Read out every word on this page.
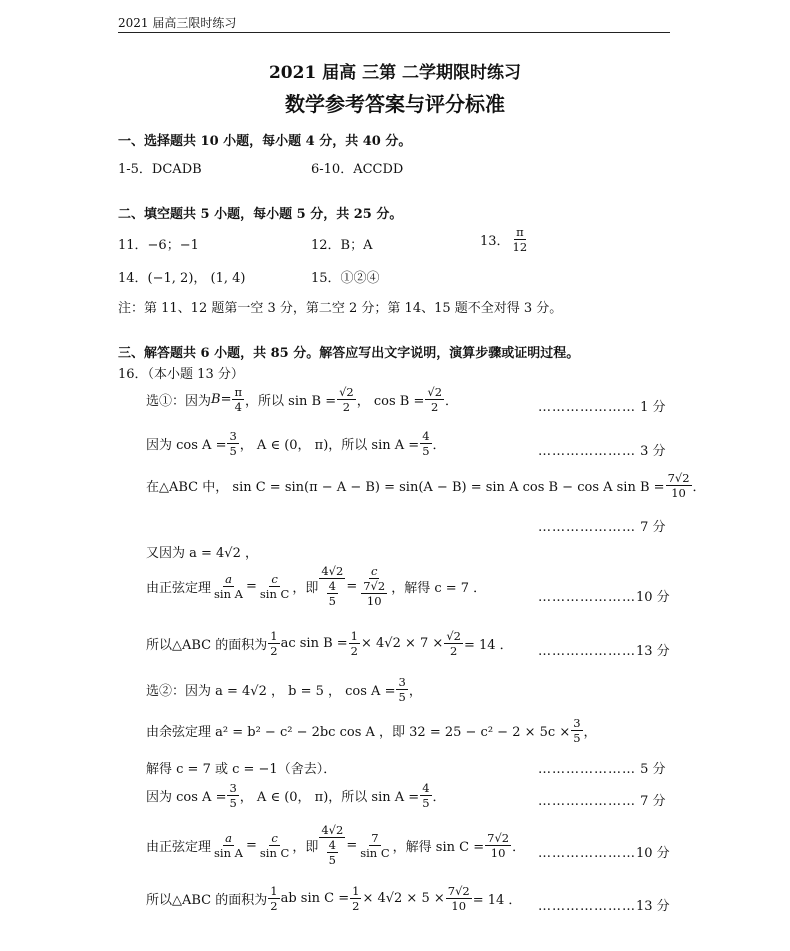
2021 届高三限时练习
2021 届高 三第 二学期限时练习
数学参考答案与评分标准
一、选择题共 10 小题，每小题 4 分，共 40 分。
1-5．DCADB	6-10．ACCDD
二、填空题共 5 小题，每小题 5 分，共 25 分。
11．−6；−1	12．B；A	13． $\frac{\pi}{12}$
14．(−1, 2)， (1, 4)	15．①②④
注：第 11、12 题第一空 3 分，第二空 2 分；第 14、15 题不全对得 3 分。
三、解答题共 6 小题，共 85 分。解答应写出文字说明，演算步骤或证明过程。
16．（本小题 13 分）
选①：因为 $B = \frac{\pi}{4}$ ，所以 $\sin B = \frac{√2}{2}$ ， $\cos B = \frac{√2}{2}$ ．	………………… 1 分
因为 $\cos A = \frac{3}{5}$ ， A ∈ (0， π)，所以 $\sin A = \frac{4}{5}$ ．	………………… 3 分
在△ABC 中， sin C = sin(π − A − B) = sin(A − B) = sin A cos B − cos A $\sin B = \frac{7√2}{10}$ ．
………………… 7 分
又因为 a = 4√2 ，
由正弦定理 $\frac{a}{\text{sin A}} = \frac{c}{\text{sin C}}$ ，即 $\frac{4√2}{\frac{4}{5}} = \frac{c}{\frac{7√2}{10}}$ ，解得 c = 7 ．
…………………10 分
所以△ABC 的面积为 $\frac{1}{2}$ ac $\sin B = \frac{1}{2} \times 4√2 \times 7 \times \frac{√2}{2} = 14$ ． …………………13 分
选②：因为 a = 4√2 ， b = 5 ， $\cos A = \frac{3}{5}$ ，
由余弦定理 a² = b² − c² − 2bc cos A ，即 $32 = 25 - c^2 - 2 \times 5c \times \frac{3}{5}$ ，
解得 c = 7 或 c = −1（舍去）．	………………… 5 分
因为 $\cos A = \frac{3}{5}$ ， A ∈ (0， π)，所以 $\sin A = \frac{4}{5}$ ．	………………… 7 分
由正弦定理 $\frac{a}{\text{sin A}} = \frac{c}{\text{sin C}}$ ，即 $\frac{4√2}{\frac{4}{5}} = \frac{7}{\text{sin C}}$ ，解得 $\sin C = \frac{7√2}{10}$ ． …………………10 分
所以△ABC 的面积为 $\frac{1}{2}$ ab $\sin C = \frac{1}{2} \times 4√2 \times 5 \times \frac{7√2}{10} = 14$ ． …………………13 分
